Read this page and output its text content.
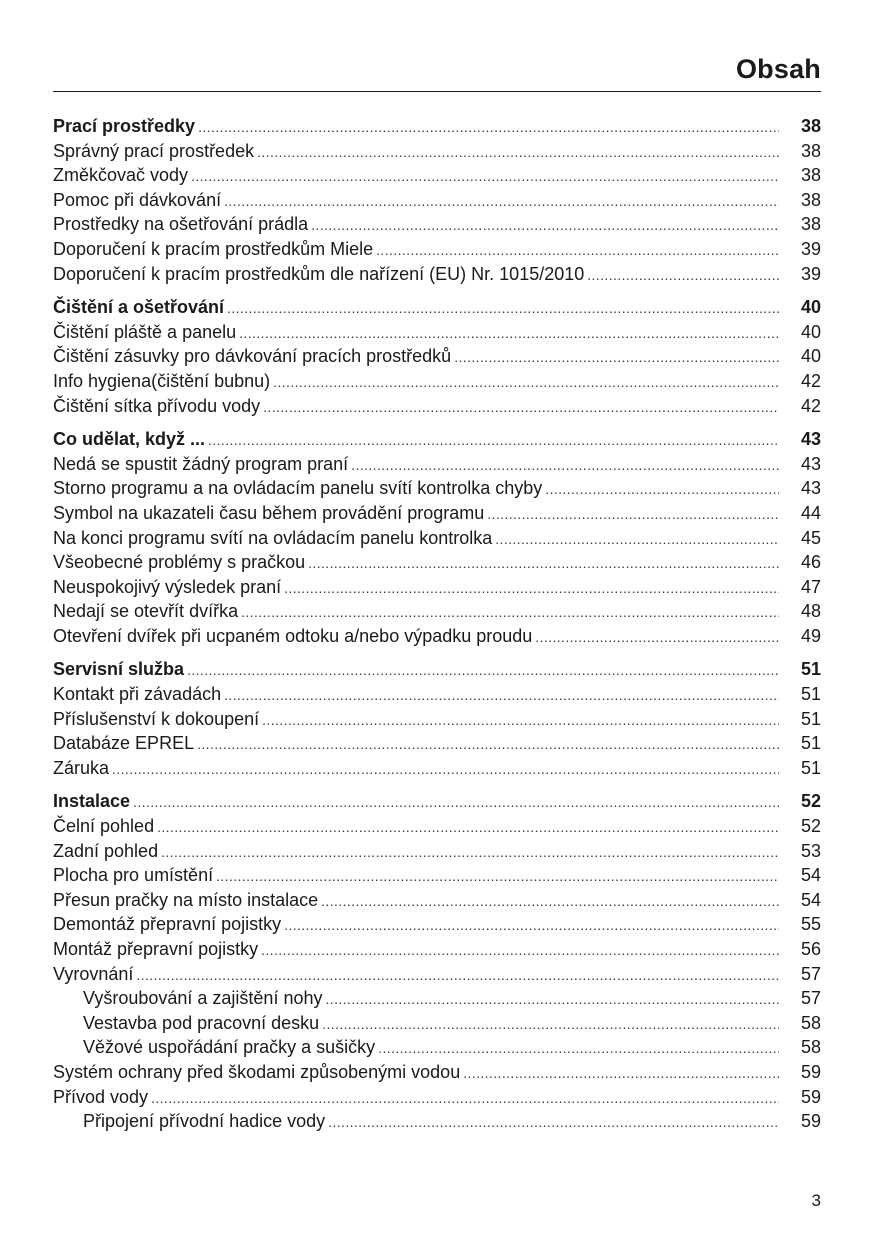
Obsah
Prací prostředky .....	38
Správný prací prostředek .....	38
Změkčovač vody .....	38
Pomoc při dávkování .....	38
Prostředky na ošetřování prádla .....	38
Doporučení k pracím prostředkům Miele .....	39
Doporučení k pracím prostředkům dle nařízení (EU) Nr. 1015/2010 .....	39
Čištění a ošetřování .....	40
Čištění pláště a panelu .....	40
Čištění zásuvky pro dávkování pracích prostředků .....	40
Info hygiena(čištění bubnu) .....	42
Čištění sítka přívodu vody .....	42
Co udělat, když ... .....	43
Nedá se spustit žádný program praní .....	43
Storno programu a na ovládacím panelu svítí kontrolka chyby .....	43
Symbol na ukazateli času během provádění programu .....	44
Na konci programu svítí na ovládacím panelu kontrolka .....	45
Všeobecné problémy s pračkou .....	46
Neuspokojivý výsledek praní .....	47
Nedají se otevřít dvířka .....	48
Otevření dvířek při ucpaném odtoku a/nebo výpadku proudu .....	49
Servisní služba .....	51
Kontakt při závadách .....	51
Příslušenství k dokoupení .....	51
Databáze EPREL .....	51
Záruka .....	51
Instalace .....	52
Čelní pohled .....	52
Zadní pohled .....	53
Plocha pro umístění .....	54
Přesun pračky na místo instalace .....	54
Demontáž přepravní pojistky .....	55
Montáž přepravní pojistky .....	56
Vyrovnání .....	57
Vyšroubování a zajištění nohy .....	57
Vestavba pod pracovní desku .....	58
Věžové uspořádání pračky a sušičky .....	58
Systém ochrany před škodami způsobenými vodou .....	59
Přívod vody .....	59
Připojení přívodní hadice vody .....	59
3
